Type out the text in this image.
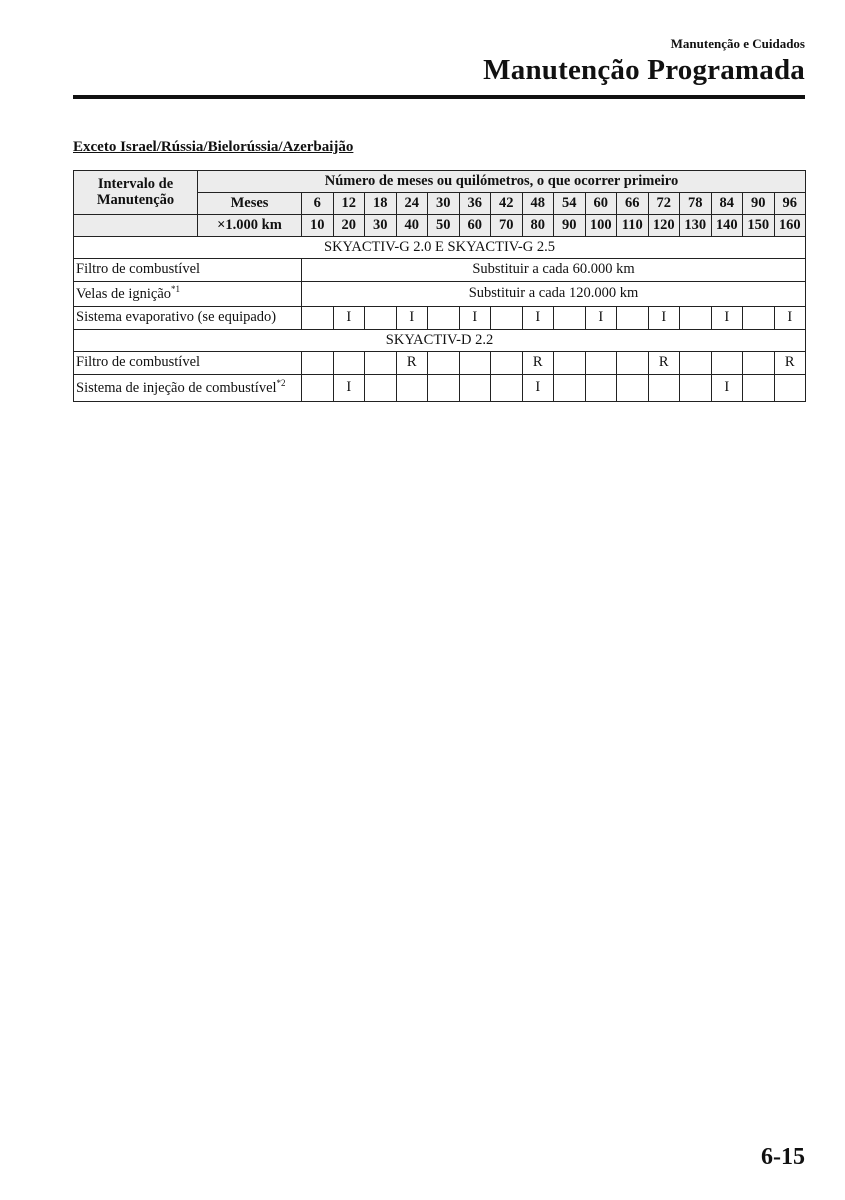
Manutenção e Cuidados
Manutenção Programada
Exceto Israel/Rússia/Bielorússia/Azerbaijão
Intervalo de
Manutenção	Número de meses ou quilómetros, o que ocorrer primeiro																
	Meses	6	12	18	24	30	36	42	48	54	60	66	72	78	84	90	96
	×1.000 km	10	20	30	40	50	60	70	80	90	100	110	120	130	140	150	160
SKYACTIV-G 2.0 E SKYACTIV-G 2.5																	
Filtro de combustível		Substituir a cada 60.000 km															
Velas de ignição$^{*1}$		Substituir a cada 120.000 km															
Sistema evaporativo (se equipado)			I		I		I		I		I		I		I		I
SKYACTIV-D 2.2																	
Filtro de combustível					R				R				R				R
Sistema de injeção de combustível$^{*2}$			I						I						I		
6-15
